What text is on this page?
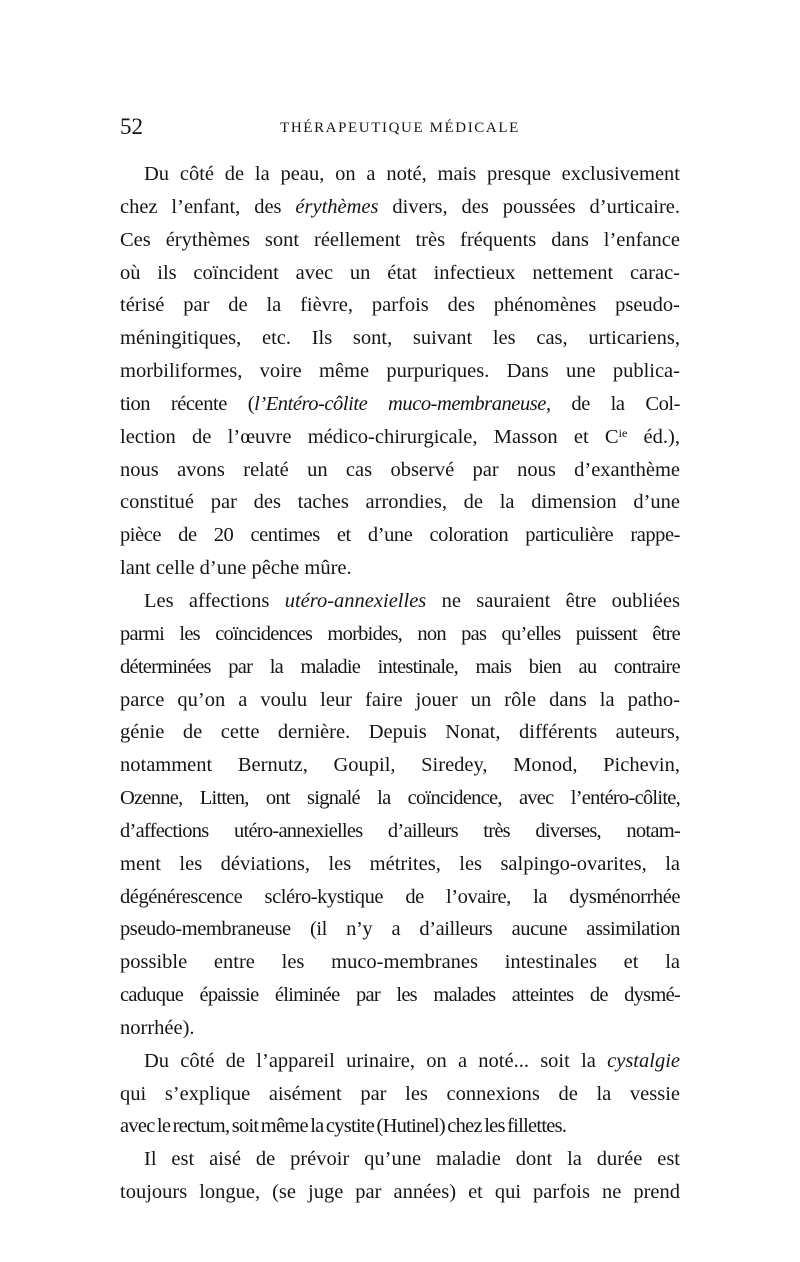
52	THÉRAPEUTIQUE MÉDICALE
Du côté de la peau, on a noté, mais presque exclusivement
chez l’enfant, des érythèmes divers, des poussées d’urticaire.
Ces érythèmes sont réellement très fréquents dans l’enfance
où ils coïncident avec un état infectieux nettement carac-
térisé par de la fièvre, parfois des phénomènes pseudo-
méningitiques, etc. Ils sont, suivant les cas, urticariens,
morbiliformes, voire même purpuriques. Dans une publica-
tion récente (l’Entéro-côlite muco-membraneuse, de la Col-
lection de l’œuvre médico-chirurgicale, Masson et $C^{ie}$ éd.),
nous avons relaté un cas observé par nous d’exanthème
constitué par des taches arrondies, de la dimension d’une
pièce de 20 centimes et d’une coloration particulière rappe-
lant celle d’une pêche mûre.
Les affections utéro-annexielles ne sauraient être oubliées
parmi les coïncidences morbides, non pas qu’elles puissent être
déterminées par la maladie intestinale, mais bien au contraire
parce qu’on a voulu leur faire jouer un rôle dans la patho-
génie de cette dernière. Depuis Nonat, différents auteurs,
notamment Bernutz, Goupil, Siredey, Monod, Pichevin,
Ozenne, Litten, ont signalé la coïncidence, avec l’entéro-côlite,
d’affections utéro-annexielles d’ailleurs très diverses, notam-
ment les déviations, les métrites, les salpingo-ovarites, la
dégénérescence scléro-kystique de l’ovaire, la dysménorrhée
pseudo-membraneuse (il n’y a d’ailleurs aucune assimilation
possible entre les muco-membranes intestinales et la
caduque épaissie éliminée par les malades atteintes de dysmé-
norrhée).
Du côté de l’appareil urinaire, on a noté... soit la cystalgie
qui s’explique aisément par les connexions de la vessie
avec le rectum, soit même la cystite (Hutinel) chez les fillettes.
Il est aisé de prévoir qu’une maladie dont la durée est
toujours longue, (se juge par années) et qui parfois ne prend
